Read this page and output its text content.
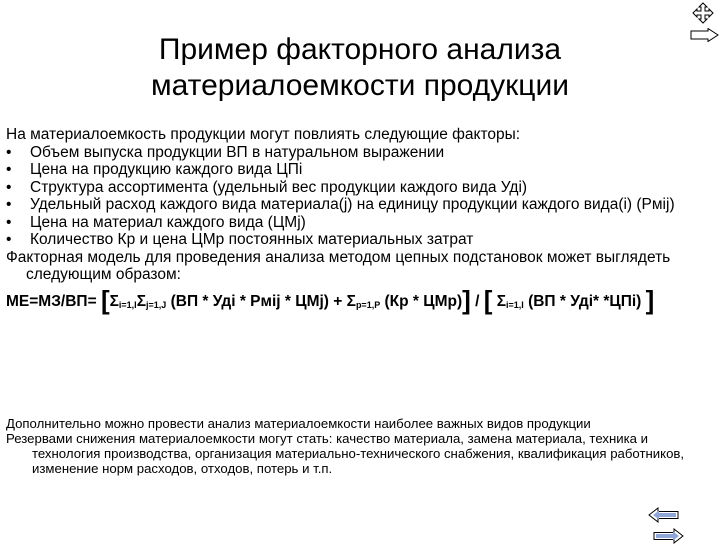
Пример факторного анализа
материалоемкости продукции

На материалоемкость продукции могут повлиять следующие факторы:

•	Объем выпуска продукции ВП в натуральном выражении
•	Цена на продукцию каждого вида ЦПi
•	Структура ассортимента (удельный вес продукции каждого вида Удi)
•	Удельный расход каждого вида материала(j) на единицу продукции каждого вида(i) (Рмij)
•	Цена на материал каждого вида (ЦМj)
•	Количество Кр и цена ЦМр постоянных материальных затрат

Факторная модель для проведения анализа методом цепных подстановок может выглядеть следующим образом:

$МЕ=МЗ/ВП= [\Sigma_{i=1,I}\Sigma_{j=1,J}$ (ВП * Удi * Рмij * $ЦМj) + \Sigma_{p=1,P}$ (Кр * ЦМр)] / [ $\Sigma_{i=1,I}$ (ВП * Удi* *ЦПi) ]

Дополнительно можно провести анализ материалоемкости наиболее важных видов продукции

Резервами снижения материалоемкости могут стать: качество материала, замена материала, техника и технология производства, организация материально-технического снабжения, квалификация работников, изменение норм расходов, отходов, потерь и т.п.
